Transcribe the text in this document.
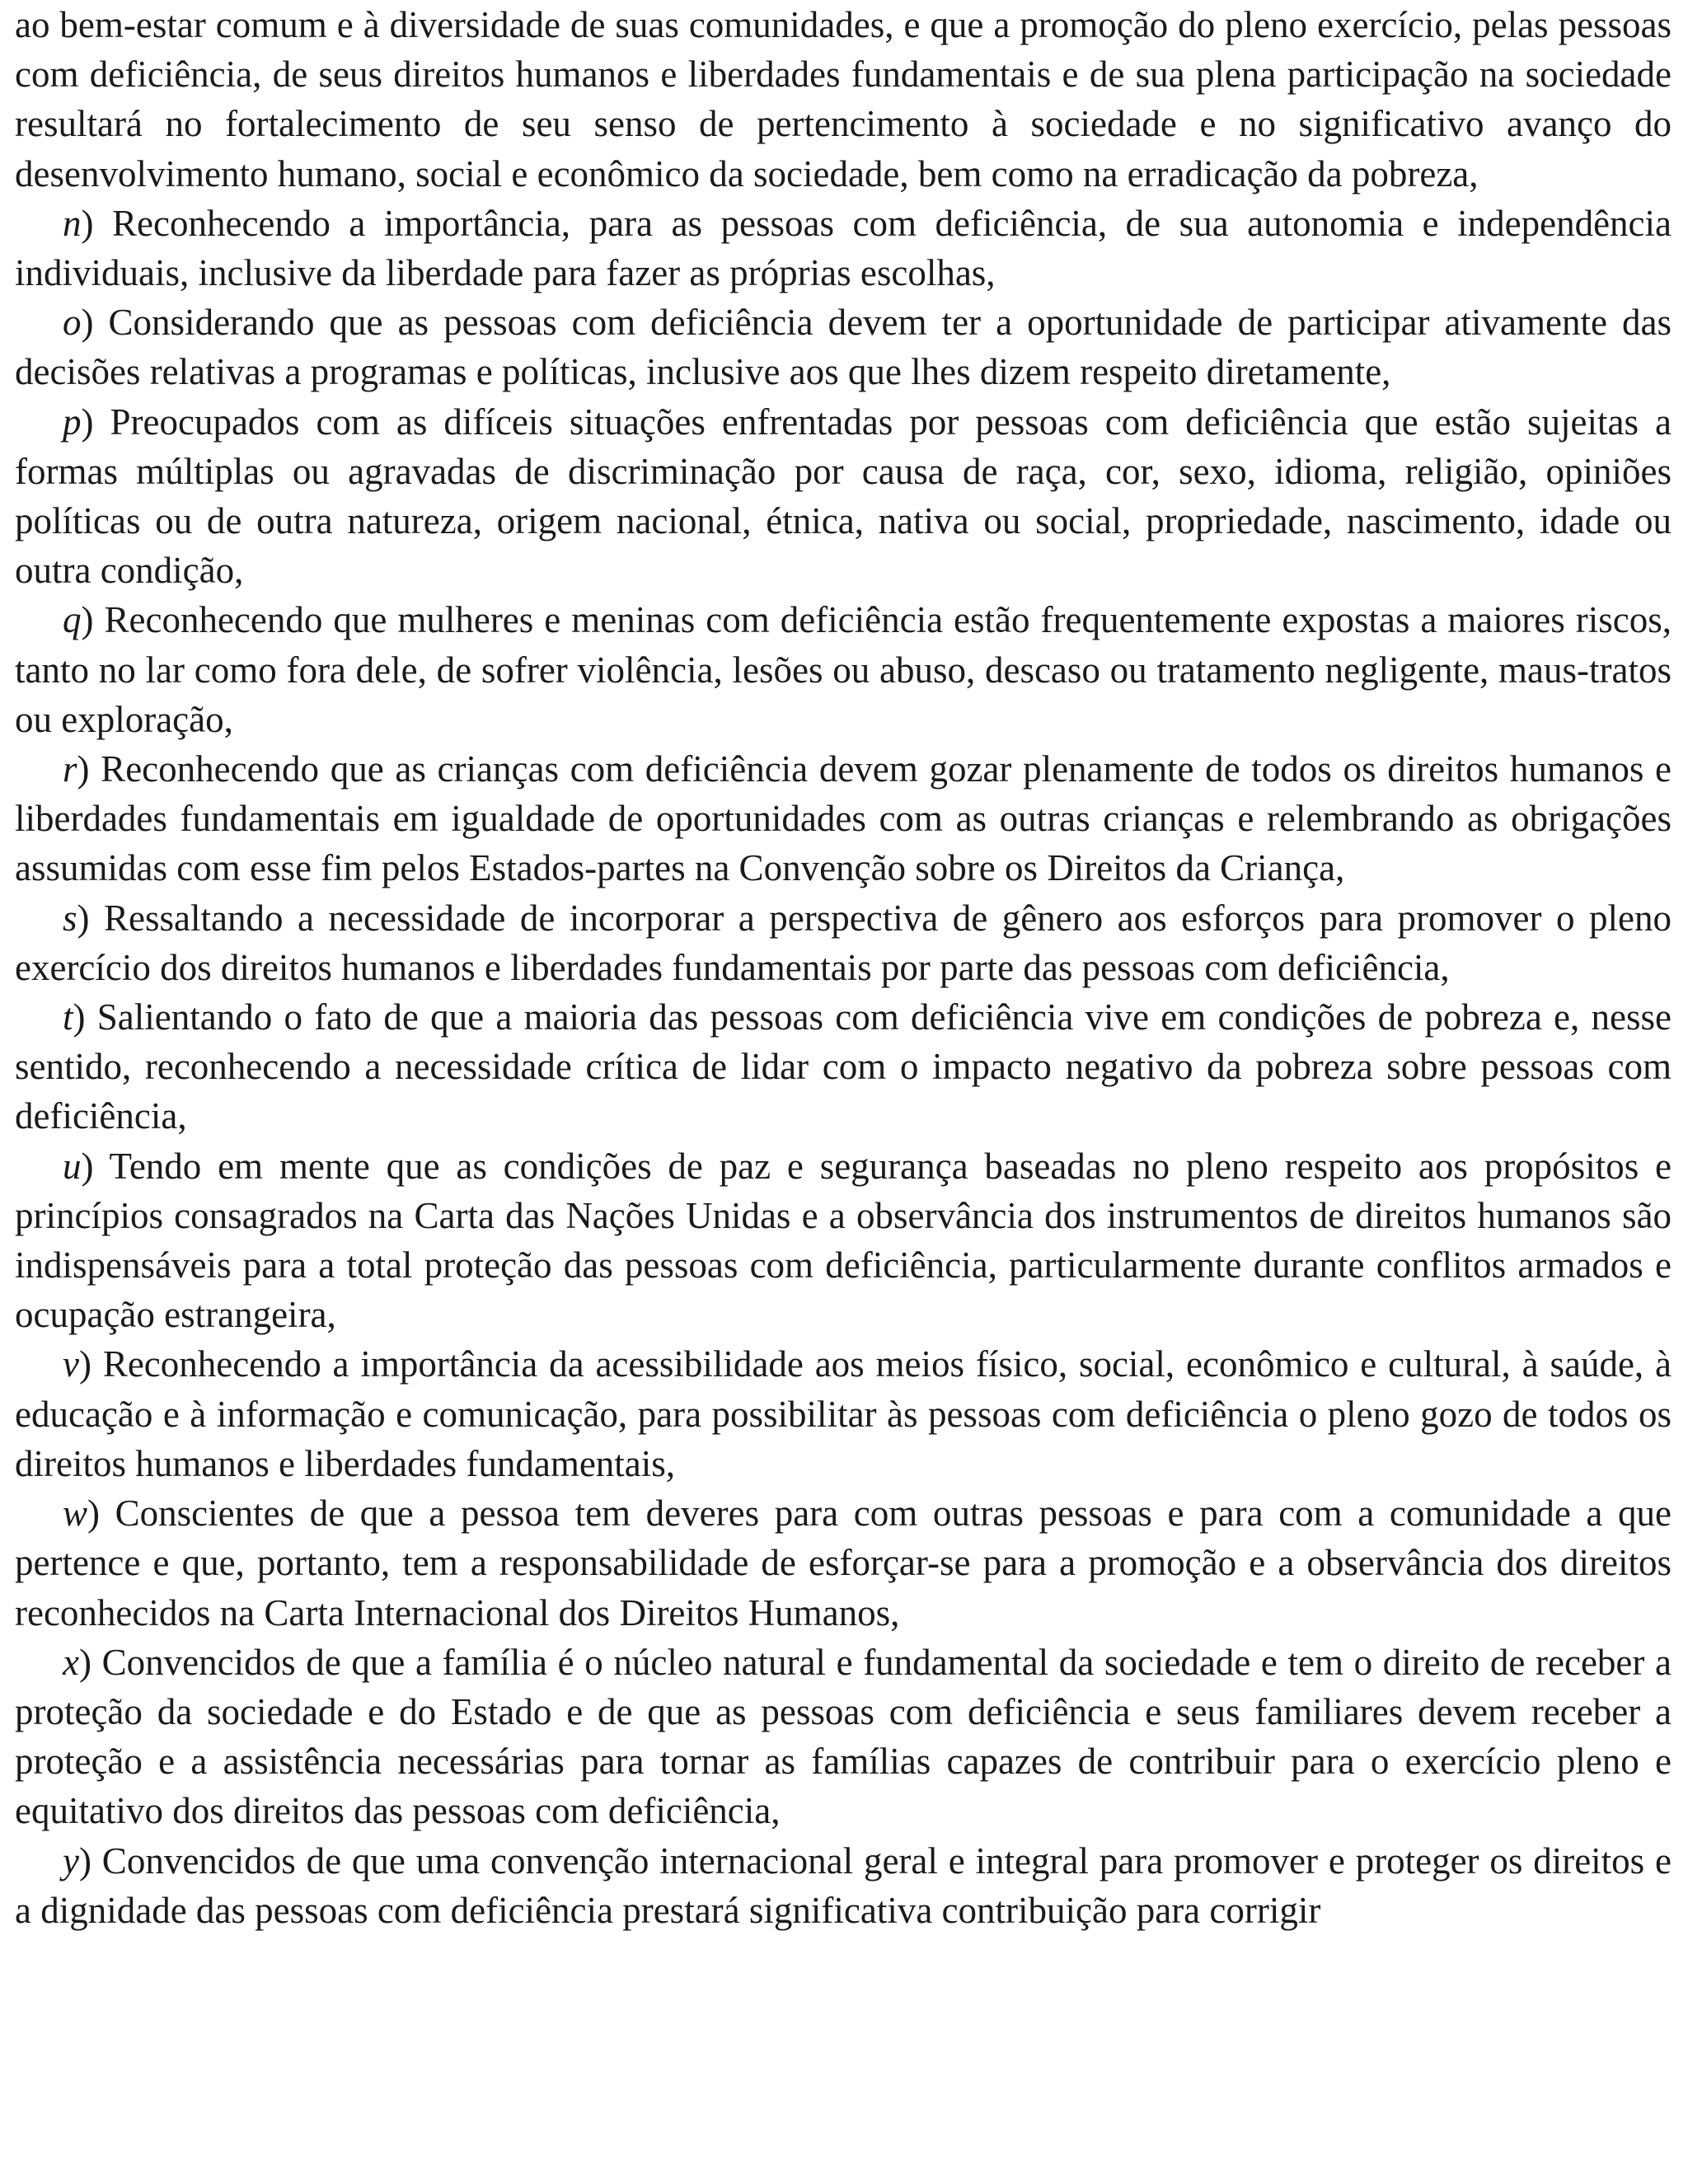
ao bem-estar comum e à diversidade de suas comunidades, e que a promoção do pleno exercício, pelas pessoas com deficiência, de seus direitos humanos e liberdades fundamentais e de sua plena participação na sociedade resultará no fortalecimento de seu senso de pertencimento à sociedade e no significativo avanço do desenvolvimento humano, social e econômico da sociedade, bem como na erradicação da pobreza,

n) Reconhecendo a importância, para as pessoas com deficiência, de sua autonomia e independência individuais, inclusive da liberdade para fazer as próprias escolhas,

o) Considerando que as pessoas com deficiência devem ter a oportunidade de participar ativamente das decisões relativas a programas e políticas, inclusive aos que lhes dizem respeito diretamente,

p) Preocupados com as difíceis situações enfrentadas por pessoas com deficiência que estão sujeitas a formas múltiplas ou agravadas de discriminação por causa de raça, cor, sexo, idioma, religião, opiniões políticas ou de outra natureza, origem nacional, étnica, nativa ou social, propriedade, nascimento, idade ou outra condição,

q) Reconhecendo que mulheres e meninas com deficiência estão frequentemente expostas a maiores riscos, tanto no lar como fora dele, de sofrer violência, lesões ou abuso, descaso ou tratamento negligente, maus-tratos ou exploração,

r) Reconhecendo que as crianças com deficiência devem gozar plenamente de todos os direitos humanos e liberdades fundamentais em igualdade de oportunidades com as outras crianças e relembrando as obrigações assumidas com esse fim pelos Estados-partes na Convenção sobre os Direitos da Criança,

s) Ressaltando a necessidade de incorporar a perspectiva de gênero aos esforços para promover o pleno exercício dos direitos humanos e liberdades fundamentais por parte das pessoas com deficiência,

t) Salientando o fato de que a maioria das pessoas com deficiência vive em condições de pobreza e, nesse sentido, reconhecendo a necessidade crítica de lidar com o impacto negativo da pobreza sobre pessoas com deficiência,

u) Tendo em mente que as condições de paz e segurança baseadas no pleno respeito aos propósitos e princípios consagrados na Carta das Nações Unidas e a observância dos instrumentos de direitos humanos são indispensáveis para a total proteção das pessoas com deficiência, particularmente durante conflitos armados e ocupação estrangeira,

v) Reconhecendo a importância da acessibilidade aos meios físico, social, econômico e cultural, à saúde, à educação e à informação e comunicação, para possibilitar às pessoas com deficiência o pleno gozo de todos os direitos humanos e liberdades fundamentais,

w) Conscientes de que a pessoa tem deveres para com outras pessoas e para com a comunidade a que pertence e que, portanto, tem a responsabilidade de esforçar-se para a promoção e a observância dos direitos reconhecidos na Carta Internacional dos Direitos Humanos,

x) Convencidos de que a família é o núcleo natural e fundamental da sociedade e tem o direito de receber a proteção da sociedade e do Estado e de que as pessoas com deficiência e seus familiares devem receber a proteção e a assistência necessárias para tornar as famílias capazes de contribuir para o exercício pleno e equitativo dos direitos das pessoas com deficiência,

y) Convencidos de que uma convenção internacional geral e integral para promover e proteger os direitos e a dignidade das pessoas com deficiência prestará significativa contribuição para corrigir
